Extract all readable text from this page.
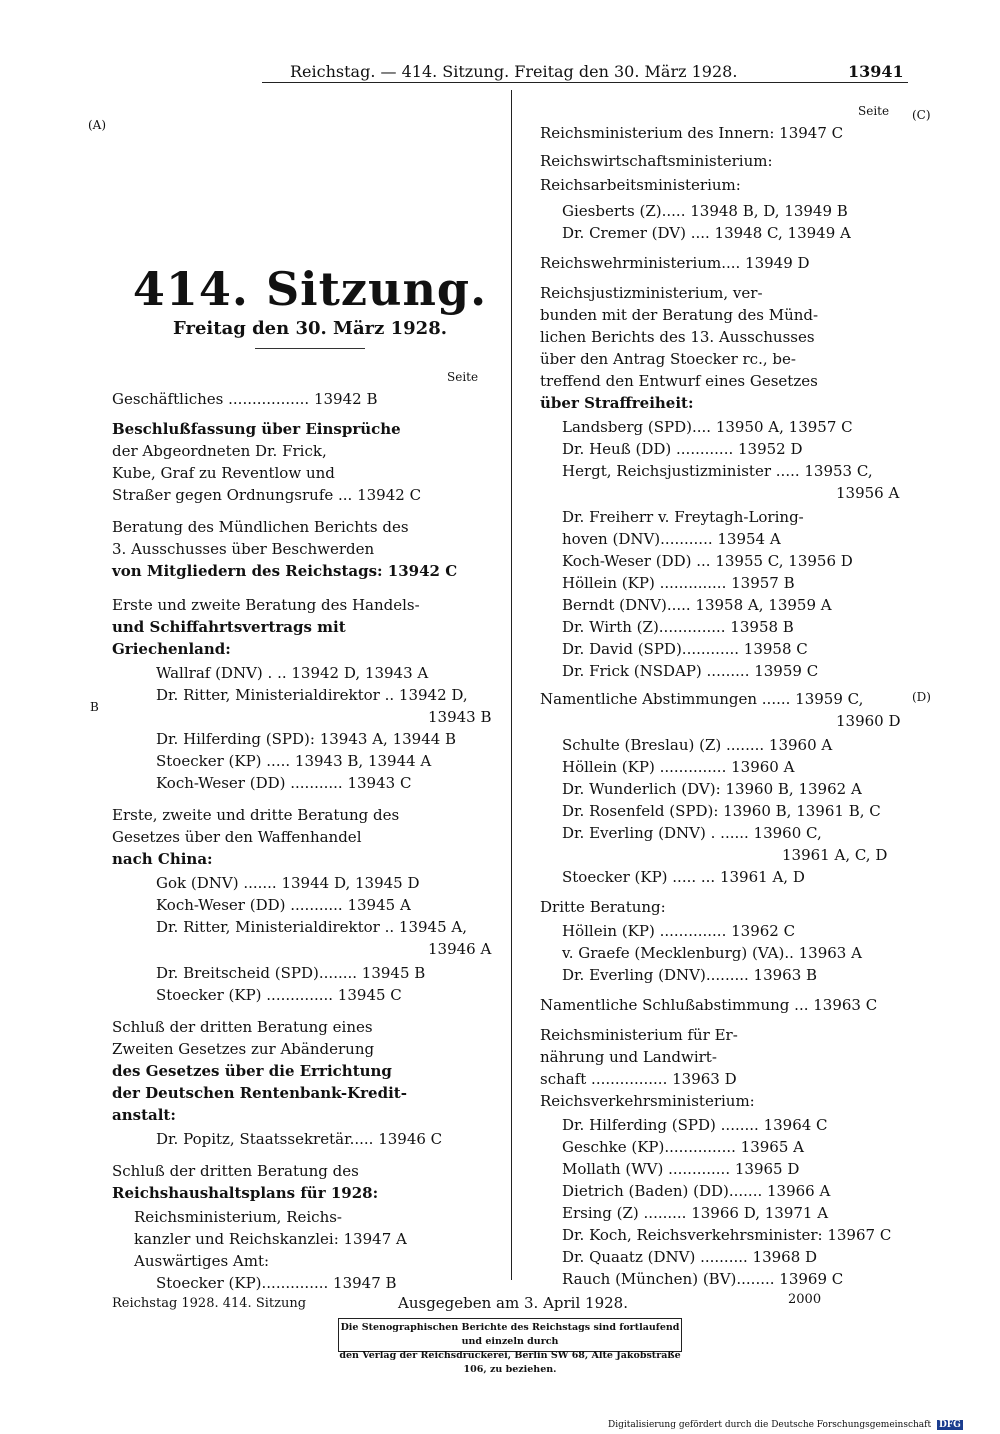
Reichstag. — 414. Sitzung. Freitag den 30. März 1928.	13941
(A)
B
(C)
(D)
414. Sitzung.
Freitag den 30. März 1928.
Seite
Seite
Geschäftliches ................. 13942 B
Beschlußfassung über Einsprüche
der Abgeordneten Dr. Frick,
Kube, Graf zu Reventlow und
Straßer gegen Ordnungsrufe ... 13942 C
Beratung des Mündlichen Berichts des
3. Ausschusses über Beschwerden
von Mitgliedern des Reichstags: 13942 C
Erste und zweite Beratung des Handels-
und Schiffahrtsvertrags mit
Griechenland:
Wallraf (DNV) . .. 13942 D, 13943 A
Dr. Ritter, Ministerialdirektor .. 13942 D,
13943 B
Dr. Hilferding (SPD): 13943 A, 13944 B
Stoecker (KP) ..... 13943 B, 13944 A
Koch-Weser (DD) ........... 13943 C
Erste, zweite und dritte Beratung des
Gesetzes über den Waffenhandel
nach China:
Gok (DNV) ....... 13944 D, 13945 D
Koch-Weser (DD) ........... 13945 A
Dr. Ritter, Ministerialdirektor .. 13945 A,
13946 A
Dr. Breitscheid (SPD)........ 13945 B
Stoecker (KP) .............. 13945 C
Schluß der dritten Beratung eines
Zweiten Gesetzes zur Abänderung
des Gesetzes über die Errichtung
der Deutschen Rentenbank-Kredit-
anstalt:
Dr. Popitz, Staatssekretär..... 13946 C
Schluß der dritten Beratung des
Reichshaushaltsplans für 1928:
Reichsministerium, Reichs-
kanzler und Reichskanzlei: 13947 A
Auswärtiges Amt:
Stoecker (KP).............. 13947 B
Reichsministerium des Innern: 13947 C
Reichswirtschaftsministerium:
Reichsarbeitsministerium:
Giesberts (Z)..... 13948 B, D, 13949 B
Dr. Cremer (DV) .... 13948 C, 13949 A
Reichswehrministerium.... 13949 D
Reichsjustizministerium, ver-
bunden mit der Beratung des Münd-
lichen Berichts des 13. Ausschusses
über den Antrag Stoecker rc., be-
treffend den Entwurf eines Gesetzes
über Straffreiheit:
Landsberg (SPD).... 13950 A, 13957 C
Dr. Heuß (DD) ............ 13952 D
Hergt, Reichsjustizminister ..... 13953 C,
13956 A
Dr. Freiherr v. Freytagh-Loring-
hoven (DNV)........... 13954 A
Koch-Weser (DD) ... 13955 C, 13956 D
Höllein (KP) .............. 13957 B
Berndt (DNV)..... 13958 A, 13959 A
Dr. Wirth (Z).............. 13958 B
Dr. David (SPD)............ 13958 C
Dr. Frick (NSDAP) ......... 13959 C
Namentliche Abstimmungen ...... 13959 C,
13960 D
Schulte (Breslau) (Z) ........ 13960 A
Höllein (KP) .............. 13960 A
Dr. Wunderlich (DV): 13960 B, 13962 A
Dr. Rosenfeld (SPD): 13960 B, 13961 B, C
Dr. Everling (DNV) . ...... 13960 C,
13961 A, C, D
Stoecker (KP) ..... ... 13961 A, D
Dritte Beratung:
Höllein (KP) .............. 13962 C
v. Graefe (Mecklenburg) (VA).. 13963 A
Dr. Everling (DNV)......... 13963 B
Namentliche Schlußabstimmung ... 13963 C
Reichsministerium für Er-
nährung und Landwirt-
schaft ................ 13963 D
Reichsverkehrsministerium:
Dr. Hilferding (SPD) ........ 13964 C
Geschke (KP)............... 13965 A
Mollath (WV) ............. 13965 D
Dietrich (Baden) (DD)....... 13966 A
Ersing (Z) ......... 13966 D, 13971 A
Dr. Koch, Reichsverkehrsminister: 13967 C
Dr. Quaatz (DNV) .......... 13968 D
Rauch (München) (BV)........ 13969 C
Reichstag 1928. 414. Sitzung	Ausgegeben am 3. April 1928.	2000
Die Stenographischen Berichte des Reichstags sind fortlaufend und einzeln durch
den Verlag der Reichsdruckerei, Berlin SW 68, Alte Jakobstraße 106, zu beziehen.
Digitalisierung gefördert durch die Deutsche Forschungsgemeinschaft DFG
